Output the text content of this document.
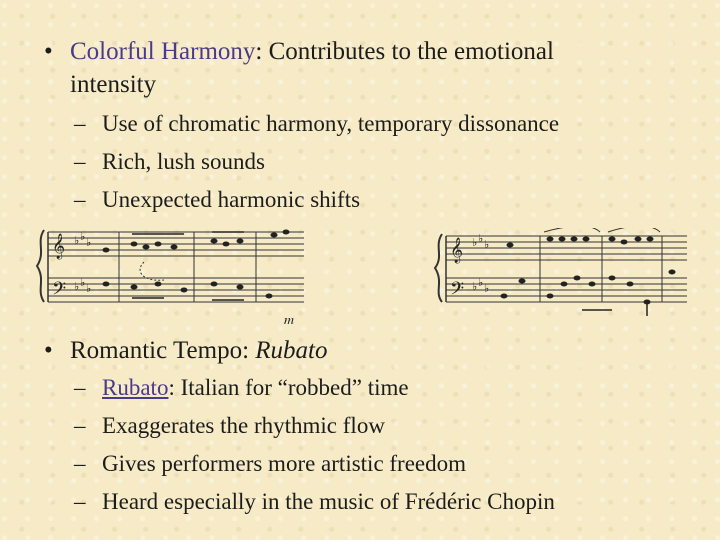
• Colorful Harmony: Contributes to the emotional
intensity
– Use of chromatic harmony, temporary dissonance
– Rich, lush sounds
– Unexpected harmonic shifts
𝄞
𝄢
♭ ♭ ♭
♭ ♭ ♭
𝆐
𝄞
𝄢
♭ ♭ ♭
♭ ♭ ♭
• Romantic Tempo: Rubato
– Rubato: Italian for “robbed” time
– Exaggerates the rhythmic flow
– Gives performers more artistic freedom
– Heard especially in the music of Frédéric Chopin
